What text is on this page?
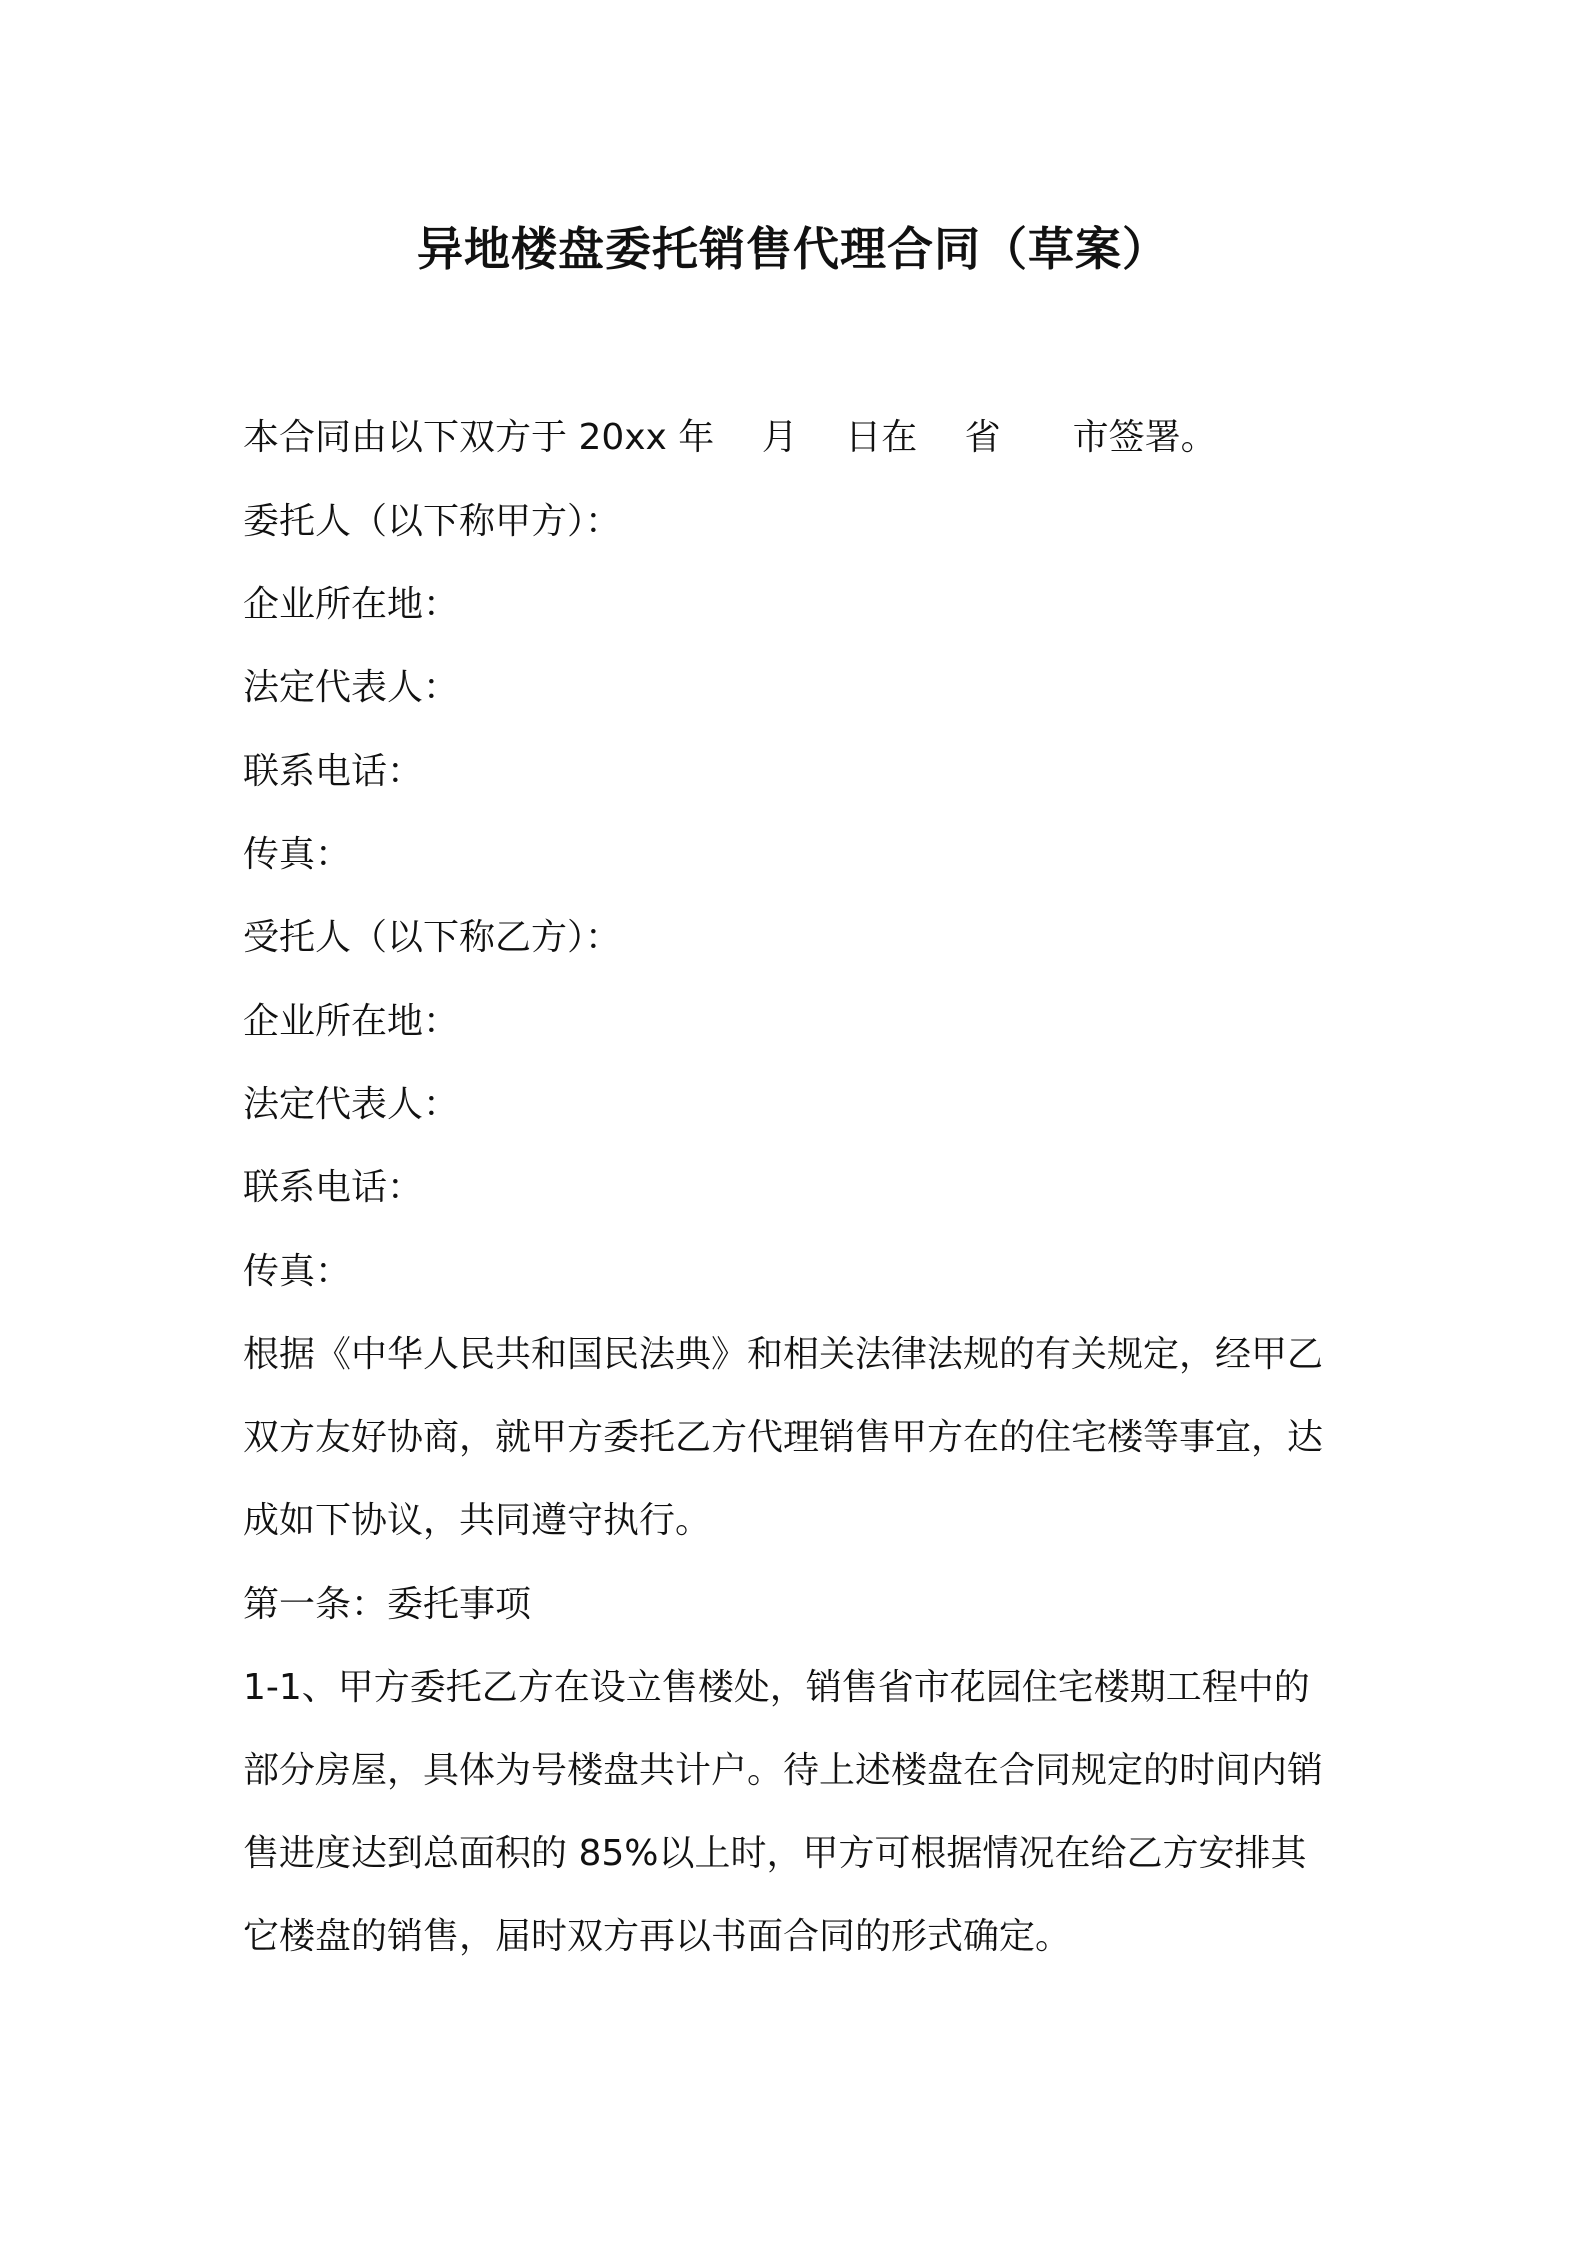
异地楼盘委托销售代理合同（草案）

本合同由以下双方于 20xx 年　 月　 日在　 省　　市签署。

委托人（以下称甲方）：

企业所在地：

法定代表人：

联系电话：

传真：

受托人（以下称乙方）：

企业所在地：

法定代表人：

联系电话：

传真：

根据《中华人民共和国民法典》和相关法律法规的有关规定，经甲乙
双方友好协商，就甲方委托乙方代理销售甲方在的住宅楼等事宜，达
成如下协议，共同遵守执行。

第一条：委托事项

1-1、甲方委托乙方在设立售楼处，销售省市花园住宅楼期工程中的
部分房屋，具体为号楼盘共计户。待上述楼盘在合同规定的时间内销
售进度达到总面积的 85%以上时，甲方可根据情况在给乙方安排其
它楼盘的销售，届时双方再以书面合同的形式确定。
